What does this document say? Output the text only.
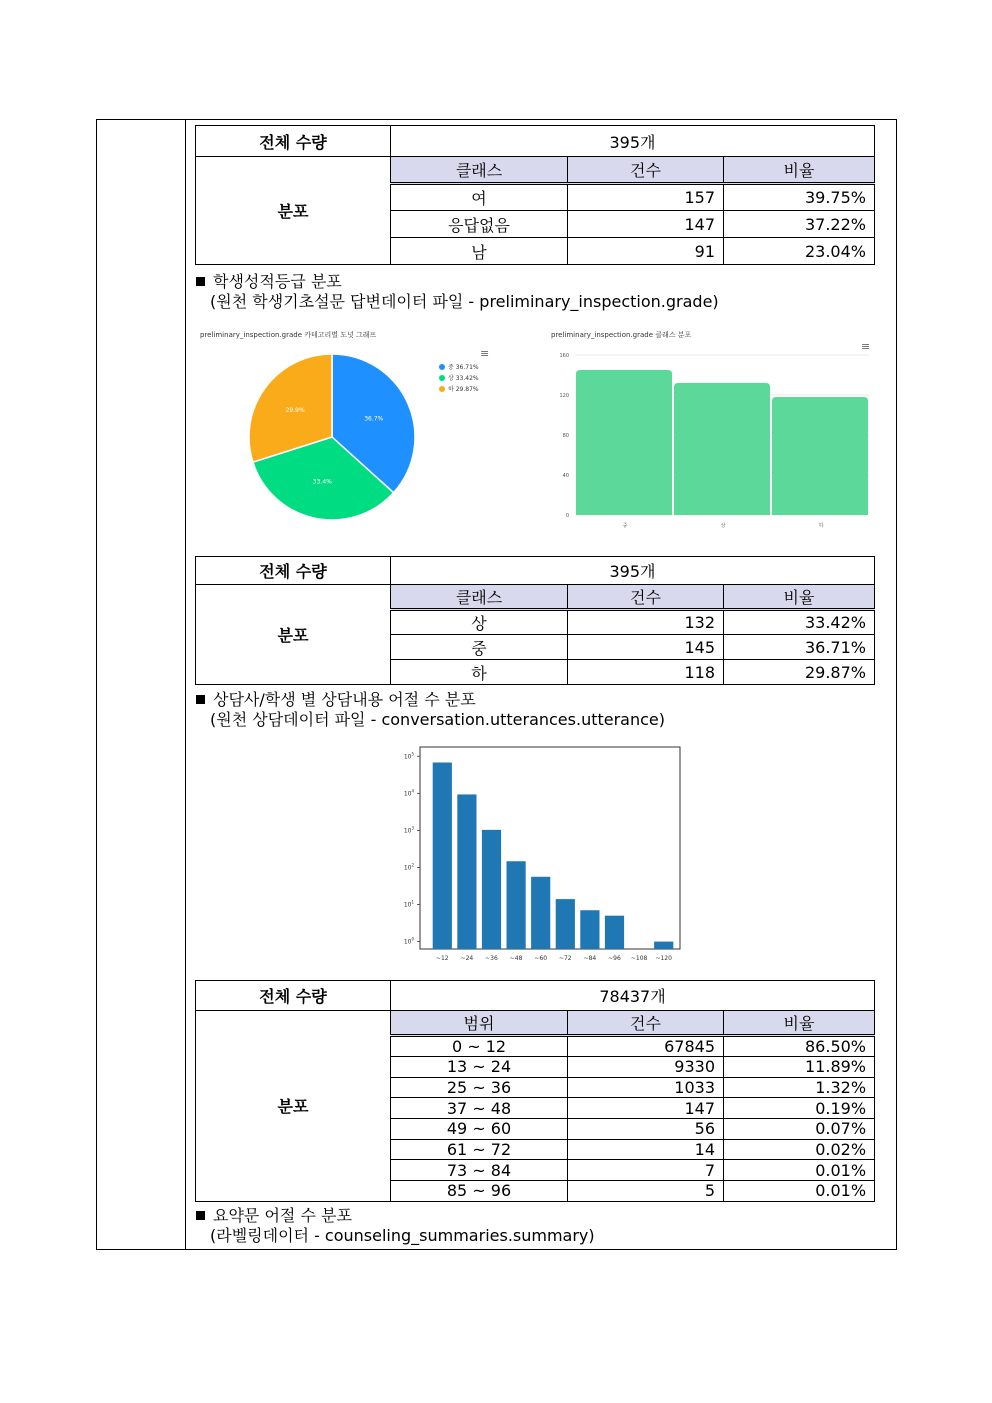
전체 수량	395개		
분포	클래스	건수	비율
	여	157	39.75%
	응답없음	147	37.22%
	남	91	23.04%
학생성적등급 분포
(원천 학생기초설문 답변데이터 파일 - preliminary_inspection.grade)
preliminary_inspection.grade 카테고리별 도넛 그래프
≡
36.7%
33.4%
29.9%
중 36.71%
상 33.42%
하 29.87%
preliminary_inspection.grade 클래스 분포
≡
0
40
80
120
160
중	상	하
전체 수량	395개		
분포	클래스	건수	비율
	상	132	33.42%
	중	145	36.71%
	하	118	29.87%
상담사/학생 별 상담내용 어절 수 분포
(원천 상담데이터 파일 - conversation.utterances.utterance)
$10^0$
$10^1$
$10^2$
$10^3$
$10^4$
$10^5$
~12 ~24 ~36 ~48 ~60 ~72 ~84 ~96 ~108 ~120
전체 수량	78437개		
분포	범위	건수	비율
	0 ~ 12	67845	86.50%
	13 ~ 24	9330	11.89%
	25 ~ 36	1033	1.32%
	37 ~ 48	147	0.19%
	49 ~ 60	56	0.07%
	61 ~ 72	14	0.02%
	73 ~ 84	7	0.01%
	85 ~ 96	5	0.01%
요약문 어절 수 분포
(라벨링데이터 - counseling_summaries.summary)
